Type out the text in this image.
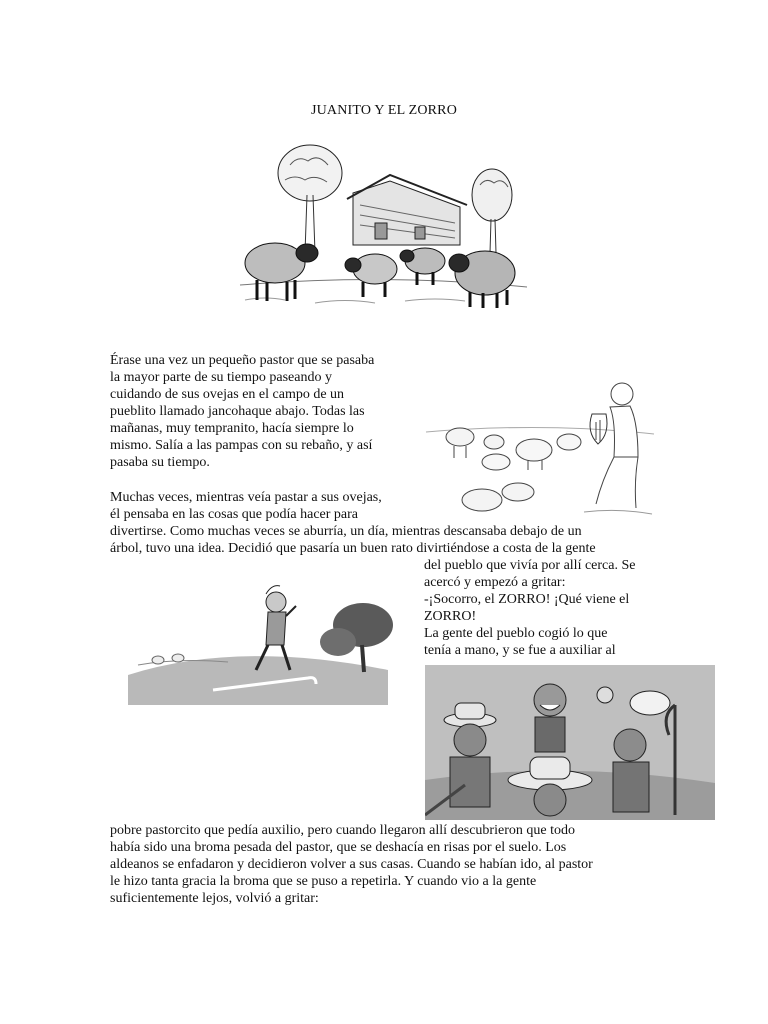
JUANITO Y EL ZORRO
Érase una vez un pequeño pastor que se pasaba
la mayor parte de su tiempo paseando y
cuidando de sus ovejas en el campo de un
pueblito llamado jancohaque abajo. Todas las
mañanas, muy tempranito, hacía siempre lo
mismo. Salía a las pampas con su rebaño, y así
pasaba su tiempo.
Muchas veces, mientras veía pastar a sus ovejas,
él pensaba en las cosas que podía hacer para
divertirse. Como muchas veces se aburría, un día, mientras descansaba debajo de un
árbol, tuvo una idea. Decidió que pasaría un buen rato divirtiéndose a costa de la gente
del pueblo que vivía por allí cerca. Se
acercó y empezó a gritar:
-¡Socorro, el ZORRO! ¡Qué viene el
ZORRO!
La gente del pueblo cogió lo que
tenía a mano, y se fue a auxiliar al
pobre pastorcito que pedía auxilio, pero cuando llegaron allí descubrieron que todo
había sido una broma pesada del pastor, que se deshacía en risas por el suelo. Los
aldeanos se enfadaron y decidieron volver a sus casas. Cuando se habían ido, al pastor
le hizo tanta gracia la broma que se puso a repetirla. Y cuando vio a la gente
suficientemente lejos, volvió a gritar:
